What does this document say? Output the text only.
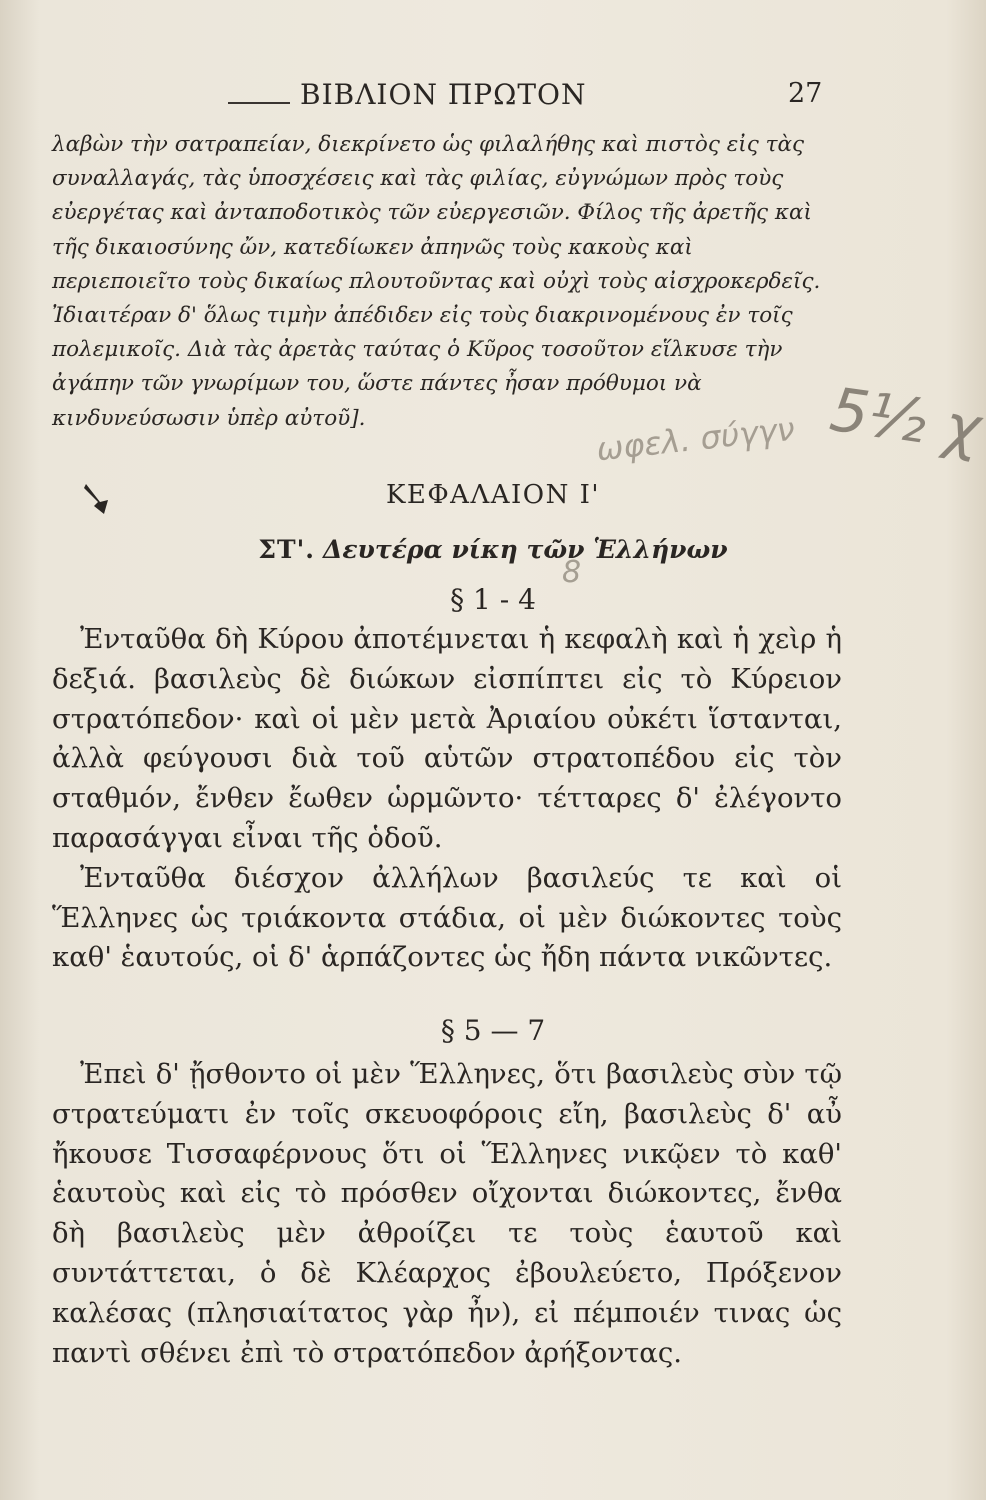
ΒΙΒΛΙΟΝ ΠΡΩΤΟΝ	27

λαβὼν τὴν σατραπείαν, διεκρίνετο ὡς φιλαλήθης καὶ πιστὸς εἰς τὰς συναλλαγάς, τὰς ὑποσχέσεις καὶ τὰς φιλίας, εὐγνώμων πρὸς τοὺς εὐεργέτας καὶ ἀνταποδοτικὸς τῶν εὐεργεσιῶν. Φίλος τῆς ἀρετῆς καὶ τῆς δικαιοσύνης ὤν, κατεδίωκεν ἀπηνῶς τοὺς κακοὺς καὶ περιεποιεῖτο τοὺς δικαίως πλουτοῦντας καὶ οὐχὶ τοὺς αἰσχροκερδεῖς. Ἰδιαιτέραν δ' ὅλως τιμὴν ἀπέδιδεν εἰς τοὺς διακρινομένους ἐν τοῖς πολεμικοῖς. Διὰ τὰς ἀρετὰς ταύτας ὁ Κῦρος τοσοῦτον εἵλκυσε τὴν ἀγάπην τῶν γνωρίμων του, ὥστε πάντες ἦσαν πρόθυμοι νὰ κινδυνεύσωσιν ὑπὲρ αὐτοῦ].

ΚΕΦΑΛΑΙΟΝ Ι'
ΣΤ'. Δευτέρα νίκη τῶν Ἑλλήνων
§ 1 - 4

Ἐνταῦθα δὴ Κύρου ἀποτέμνεται ἡ κεφαλὴ καὶ ἡ χεὶρ ἡ δεξιά. βασιλεὺς δὲ διώκων εἰσπίπτει εἰς τὸ Κύρειον στρατόπεδον· καὶ οἱ μὲν μετὰ Ἀριαίου οὐκέτι ἵστανται, ἀλλὰ φεύγουσι διὰ τοῦ αὑτῶν στρατοπέδου εἰς τὸν σταθμόν, ἔνθεν ἔωθεν ὡρμῶντο· τέτταρες δ' ἐλέγοντο παρασάγγαι εἶναι τῆς ὁδοῦ.

Ἐνταῦθα διέσχον ἀλλήλων βασιλεύς τε καὶ οἱ Ἕλληνες ὡς τριάκοντα στάδια, οἱ μὲν διώκοντες τοὺς καθ' ἑαυτούς, οἱ δ' ἁρπάζοντες ὡς ἤδη πάντα νικῶντες.

§ 5 — 7

Ἐπεὶ δ' ᾔσθοντο οἱ μὲν Ἕλληνες, ὅτι βασιλεὺς σὺν τῷ στρατεύματι ἐν τοῖς σκευοφόροις εἴη, βασιλεὺς δ' αὖ ἤκουσε Τισσαφέρνους ὅτι οἱ Ἕλληνες νικῷεν τὸ καθ' ἑαυτοὺς καὶ εἰς τὸ πρόσθεν οἴχονται διώκοντες, ἔνθα δὴ βασιλεὺς μὲν ἀθροίζει τε τοὺς ἑαυτοῦ καὶ συντάττεται, ὁ δὲ Κλέαρχος ἐβουλεύετο, Πρόξενον καλέσας (πλησιαίτατος γὰρ ἦν), εἰ πέμποιέν τινας ὡς παντὶ σθένει ἐπὶ τὸ στρατόπεδον ἀρήξοντας.

5½ χ
ωφελ. σύγγν
8
